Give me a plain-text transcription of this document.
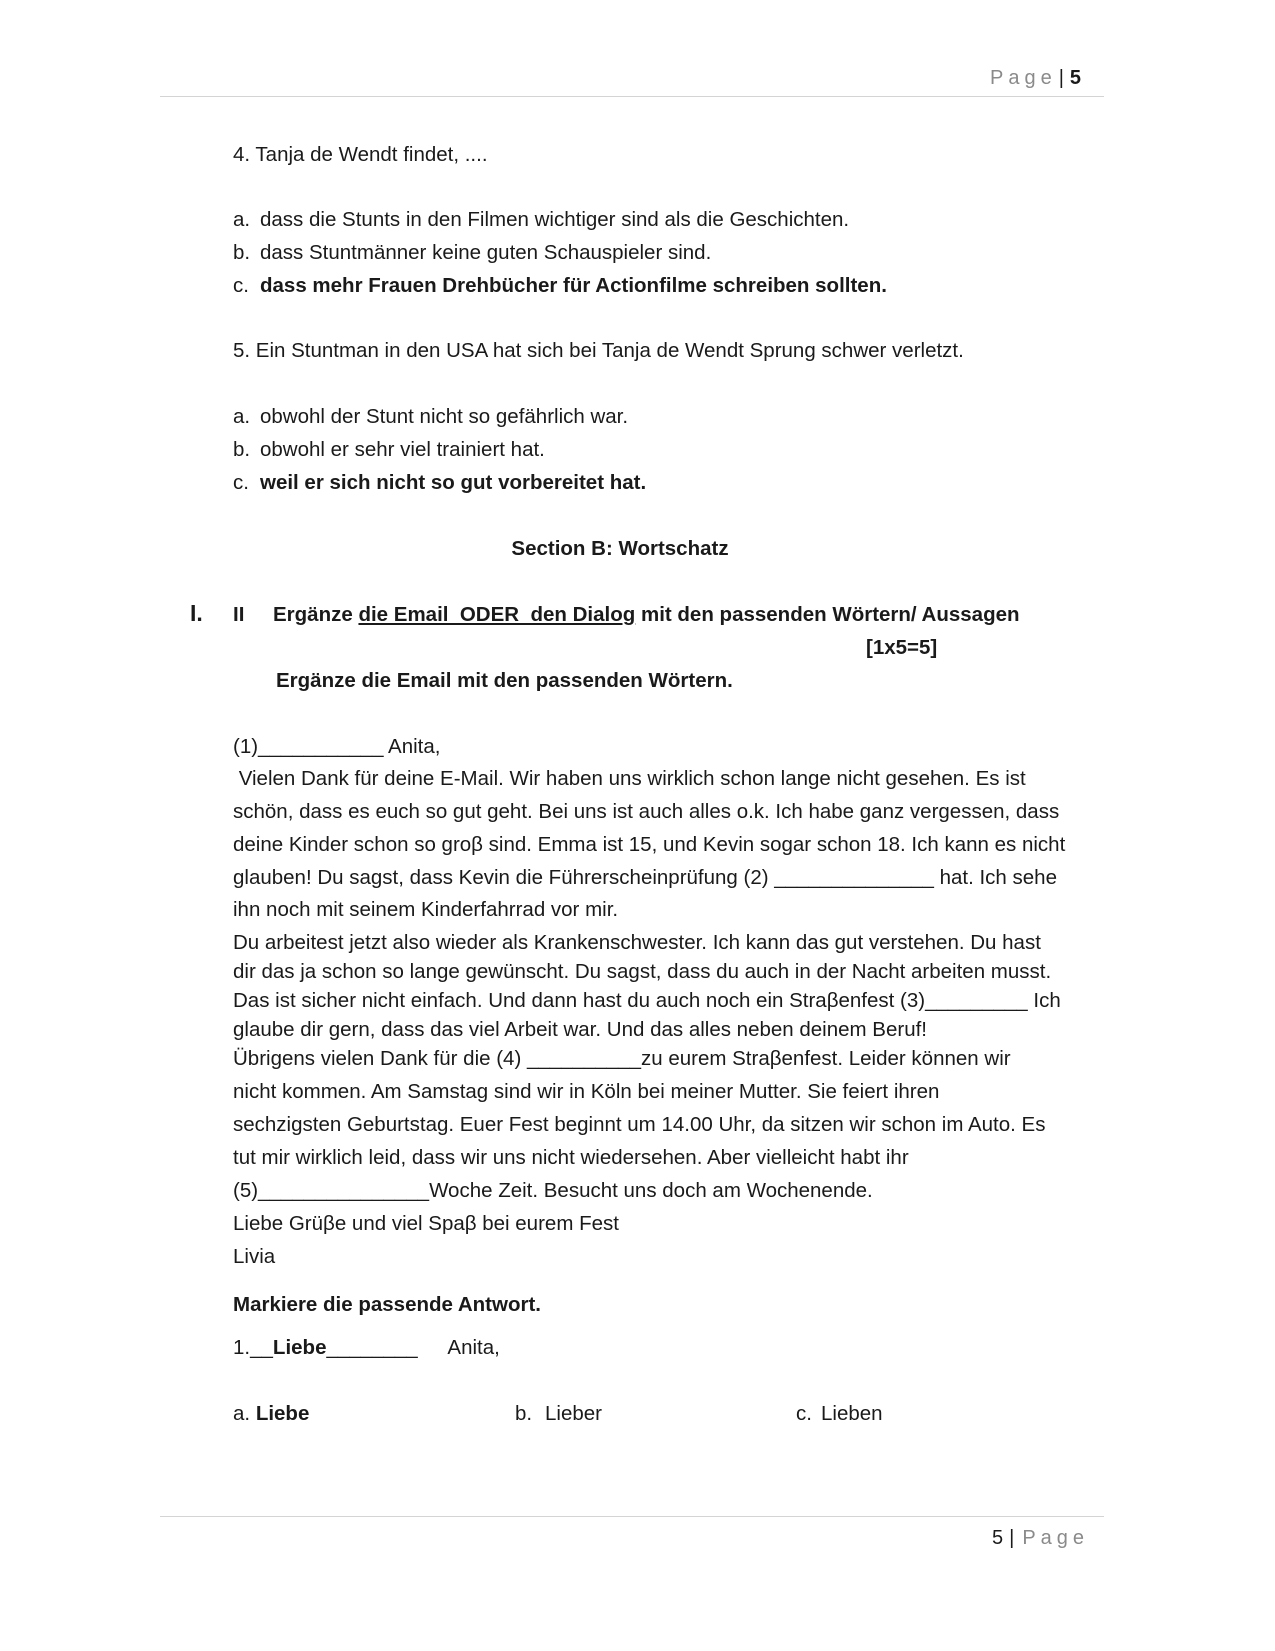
Page | 5
4. Tanja de Wendt findet, ....
a. dass die Stunts in den Filmen wichtiger sind als die Geschichten.
b. dass Stuntmänner keine guten Schauspieler sind.
c. dass mehr Frauen Drehbücher für Actionfilme schreiben sollten.
5. Ein Stuntman in den USA hat sich bei Tanja de Wendt Sprung schwer verletzt.
a. obwohl der Stunt nicht so gefährlich war.
b. obwohl er sehr viel trainiert hat.
c. weil er sich nicht so gut vorbereitet hat.
Section B: Wortschatz
I. II Ergänze die Email  ODER  den Dialog mit den passenden Wörtern/ Aussagen
[1x5=5]
Ergänze die Email mit den passenden Wörtern.
(1)___________ Anita,
Vielen Dank für deine E-Mail. Wir haben uns wirklich schon lange nicht gesehen. Es ist
schön, dass es euch so gut geht. Bei uns ist auch alles o.k. Ich habe ganz vergessen, dass
deine Kinder schon so groβ sind. Emma ist 15, und Kevin sogar schon 18. Ich kann es nicht
glauben! Du sagst, dass Kevin die Führerscheinprüfung (2) ______________ hat. Ich sehe
ihn noch mit seinem Kinderfahrrad vor mir.
Du arbeitest jetzt also wieder als Krankenschwester. Ich kann das gut verstehen. Du hast
dir das ja schon so lange gewünscht. Du sagst, dass du auch in der Nacht arbeiten musst.
Das ist sicher nicht einfach. Und dann hast du auch noch ein Straβenfest (3)_________ Ich
glaube dir gern, dass das viel Arbeit war. Und das alles neben deinem Beruf!
Übrigens vielen Dank für die (4) __________zu eurem Straβenfest. Leider können wir
nicht kommen. Am Samstag sind wir in Köln bei meiner Mutter. Sie feiert ihren
sechzigsten Geburtstag. Euer Fest beginnt um 14.00 Uhr, da sitzen wir schon im Auto. Es
tut mir wirklich leid, dass wir uns nicht wiedersehen. Aber vielleicht habt ihr
(5)_______________Woche Zeit. Besucht uns doch am Wochenende.
Liebe Grüβe und viel Spaβ bei eurem Fest
Livia
Markiere die passende Antwort.
1.__Liebe________ Anita,
a. Liebe	b. Lieber	c. Lieben
5 | Page
